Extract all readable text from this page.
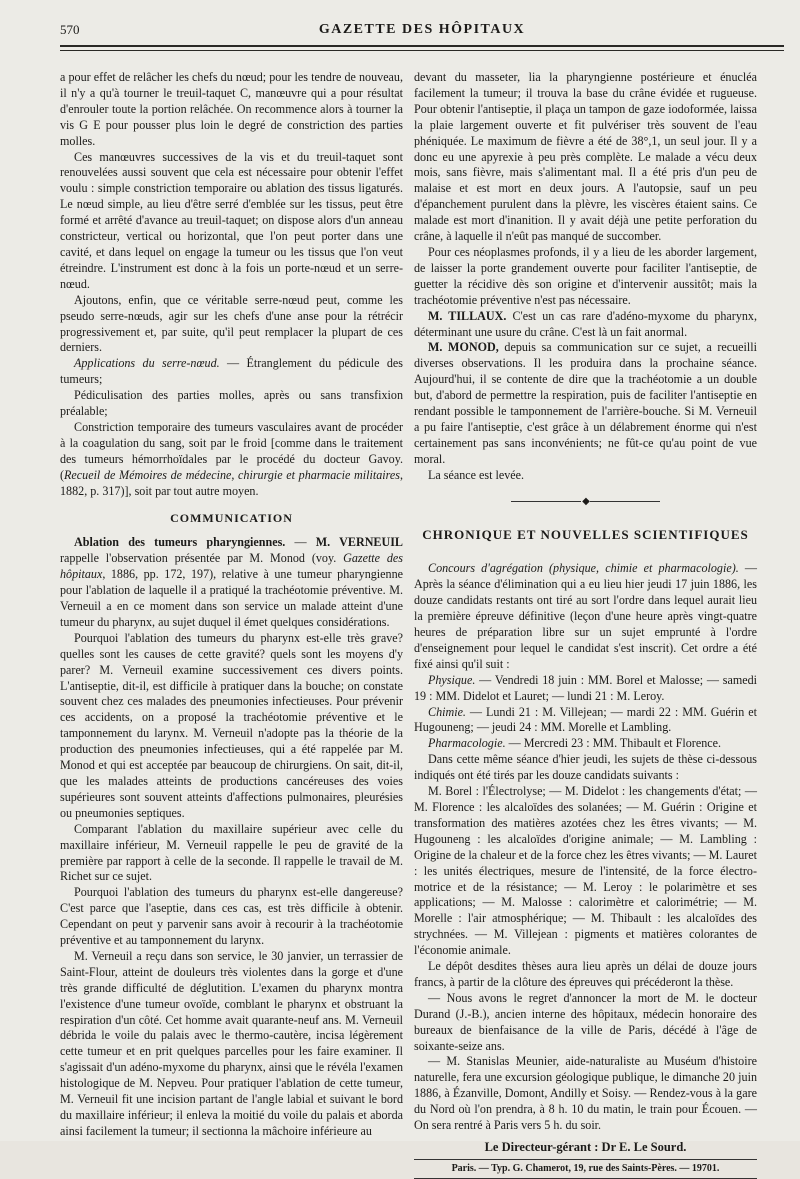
570	GAZETTE DES HÔPITAUX

a pour effet de relâcher les chefs du nœud; pour les tendre de nouveau, il n'y a qu'à tourner le treuil-taquet C, manœuvre qui a pour résultat d'enrouler toute la portion relâchée. On recommence alors à tourner la vis G E pour pousser plus loin le degré de constriction des parties molles.

Ces manœuvres successives de la vis et du treuil-taquet sont renouvelées aussi souvent que cela est nécessaire pour obtenir l'effet voulu : simple constriction temporaire ou ablation des tissus ligaturés. Le nœud simple, au lieu d'être serré d'emblée sur les tissus, peut être formé et arrêté d'avance au treuil-taquet; on dispose alors d'un anneau constricteur, vertical ou horizontal, que l'on peut porter dans une cavité, et dans lequel on engage la tumeur ou les tissus que l'on veut étreindre. L'instrument est donc à la fois un porte-nœud et un serre-nœud.

Ajoutons, enfin, que ce véritable serre-nœud peut, comme les pseudo serre-nœuds, agir sur les chefs d'une anse pour la rétrécir progressivement et, par suite, qu'il peut remplacer la plupart de ces derniers.

Applications du serre-nœud. — Étranglement du pédicule des tumeurs;

Pédiculisation des parties molles, après ou sans transfixion préalable;

Constriction temporaire des tumeurs vasculaires avant de procéder à la coagulation du sang, soit par le froid [comme dans le traitement des tumeurs hémorrhoïdales par le procédé du docteur Gavoy. (Recueil de Mémoires de médecine, chirurgie et pharmacie militaires, 1882, p. 317)], soit par tout autre moyen.

COMMUNICATION

Ablation des tumeurs pharyngiennes. — M. VERNEUIL rappelle l'observation présentée par M. Monod (voy. Gazette des hôpitaux, 1886, pp. 172, 197), relative à une tumeur pharyngienne pour l'ablation de laquelle il a pratiqué la trachéotomie préventive. M. Verneuil a en ce moment dans son service un malade atteint d'une tumeur du pharynx, au sujet duquel il émet quelques considérations.

Pourquoi l'ablation des tumeurs du pharynx est-elle très grave? quelles sont les causes de cette gravité? quels sont les moyens d'y parer? M. Verneuil examine successivement ces divers points. L'antiseptie, dit-il, est difficile à pratiquer dans la bouche; on constate souvent chez ces malades des pneumonies infectieuses. Pour prévenir ces accidents, on a proposé la trachéotomie préventive et le tamponnement du larynx. M. Verneuil n'adopte pas la théorie de la production des pneumonies infectieuses, qui a été rappelée par M. Monod et qui est acceptée par beaucoup de chirurgiens. On sait, dit-il, que les malades atteints de productions cancéreuses des voies supérieures sont souvent atteints d'affections pulmonaires, pleurésies ou pneumonies septiques.

Comparant l'ablation du maxillaire supérieur avec celle du maxillaire inférieur, M. Verneuil rappelle le peu de gravité de la première par rapport à celle de la seconde. Il rappelle le travail de M. Richet sur ce sujet.

Pourquoi l'ablation des tumeurs du pharynx est-elle dangereuse? C'est parce que l'aseptie, dans ces cas, est très difficile à obtenir. Cependant on peut y parvenir sans avoir à recourir à la trachéotomie préventive et au tamponnement du larynx.

M. Verneuil a reçu dans son service, le 30 janvier, un terrassier de Saint-Flour, atteint de douleurs très violentes dans la gorge et d'une très grande difficulté de déglutition. L'examen du pharynx montra l'existence d'une tumeur ovoïde, comblant le pharynx et obstruant la respiration d'un côté. Cet homme avait quarante-neuf ans. M. Verneuil débrida le voile du palais avec le thermo-cautère, incisa légèrement cette tumeur et en prit quelques parcelles pour les faire examiner. Il s'agissait d'un adéno-myxome du pharynx, ainsi que le révéla l'examen histologique de M. Nepveu. Pour pratiquer l'ablation de cette tumeur, M. Verneuil fit une incision partant de l'angle labial et suivant le bord du maxillaire inférieur; il enleva la moitié du voile du palais et aborda ainsi facilement la tumeur; il sectionna la mâchoire inférieure au

devant du masseter, lia la pharyngienne postérieure et énucléa facilement la tumeur; il trouva la base du crâne évidée et rugueuse. Pour obtenir l'antiseptie, il plaça un tampon de gaze iodoformée, laissa la plaie largement ouverte et fit pulvériser très souvent de l'eau phéniquée. Le maximum de fièvre a été de 38°,1, un seul jour. Il y a donc eu une apyrexie à peu près complète. Le malade a vécu deux mois, sans fièvre, mais s'alimentant mal. Il a été pris d'un peu de malaise et est mort en deux jours. A l'autopsie, sauf un peu d'épanchement purulent dans la plèvre, les viscères étaient sains. Ce malade est mort d'inanition. Il y avait déjà une petite perforation du crâne, à laquelle il n'eût pas manqué de succomber.

Pour ces néoplasmes profonds, il y a lieu de les aborder largement, de laisser la porte grandement ouverte pour faciliter l'antiseptie, de guetter la récidive dès son origine et d'intervenir aussitôt; mais la trachéotomie préventive n'est pas nécessaire.

M. TILLAUX. C'est un cas rare d'adéno-myxome du pharynx, déterminant une usure du crâne. C'est là un fait anormal.

M. MONOD, depuis sa communication sur ce sujet, a recueilli diverses observations. Il les produira dans la prochaine séance. Aujourd'hui, il se contente de dire que la trachéotomie a un double but, d'abord de permettre la respiration, puis de faciliter l'antiseptie en rendant possible le tamponnement de l'arrière-bouche. Si M. Verneuil a pu faire l'antiseptie, c'est grâce à un délabrement énorme qui n'est certainement pas sans inconvénients; ne fût-ce qu'au point de vue moral.

La séance est levée.

◆
CHRONIQUE ET NOUVELLES SCIENTIFIQUES

Concours d'agrégation (physique, chimie et pharmacologie). — Après la séance d'élimination qui a eu lieu hier jeudi 17 juin 1886, les douze candidats restants ont tiré au sort l'ordre dans lequel aurait lieu la première épreuve définitive (leçon d'une heure après vingt-quatre heures de préparation libre sur un sujet emprunté à l'ordre d'enseignement pour lequel le candidat s'est inscrit). Cet ordre a été fixé ainsi qu'il suit :

Physique. — Vendredi 18 juin : MM. Borel et Malosse; — samedi 19 : MM. Didelot et Lauret; — lundi 21 : M. Leroy.

Chimie. — Lundi 21 : M. Villejean; — mardi 22 : MM. Guérin et Hugouneng; — jeudi 24 : MM. Morelle et Lambling.

Pharmacologie. — Mercredi 23 : MM. Thibault et Florence.

Dans cette même séance d'hier jeudi, les sujets de thèse ci-dessous indiqués ont été tirés par les douze candidats suivants :

M. Borel : l'Électrolyse; — M. Didelot : les changements d'état; — M. Florence : les alcaloïdes des solanées; — M. Guérin : Origine et transformation des matières azotées chez les êtres vivants; — M. Hugouneng : les alcaloïdes d'origine animale; — M. Lambling : Origine de la chaleur et de la force chez les êtres vivants; — M. Lauret : les unités électriques, mesure de l'intensité, de la force électro-motrice et de la résistance; — M. Leroy : le polarimètre et ses applications; — M. Malosse : calorimètre et calorimétrie; — M. Morelle : l'air atmosphérique; — M. Thibault : les alcaloïdes des strychnées. — M. Villejean : pigments et matières colorantes de l'économie animale.

Le dépôt desdites thèses aura lieu après un délai de douze jours francs, à partir de la clôture des épreuves qui précéderont la thèse.

— Nous avons le regret d'annoncer la mort de M. le docteur Durand (J.-B.), ancien interne des hôpitaux, médecin honoraire des bureaux de bienfaisance de la ville de Paris, décédé à l'âge de soixante-seize ans.

— M. Stanislas Meunier, aide-naturaliste au Muséum d'histoire naturelle, fera une excursion géologique publique, le dimanche 20 juin 1886, à Ézanville, Domont, Andilly et Soisy. — Rendez-vous à la gare du Nord où l'on prendra, à 8 h. 10 du matin, le train pour Écouen. — On sera rentré à Paris vers 5 h. du soir.

Le Directeur-gérant : Dr E. Le Sourd.
Paris. — Typ. G. Chamerot, 19, rue des Saints-Pères. — 19701.
